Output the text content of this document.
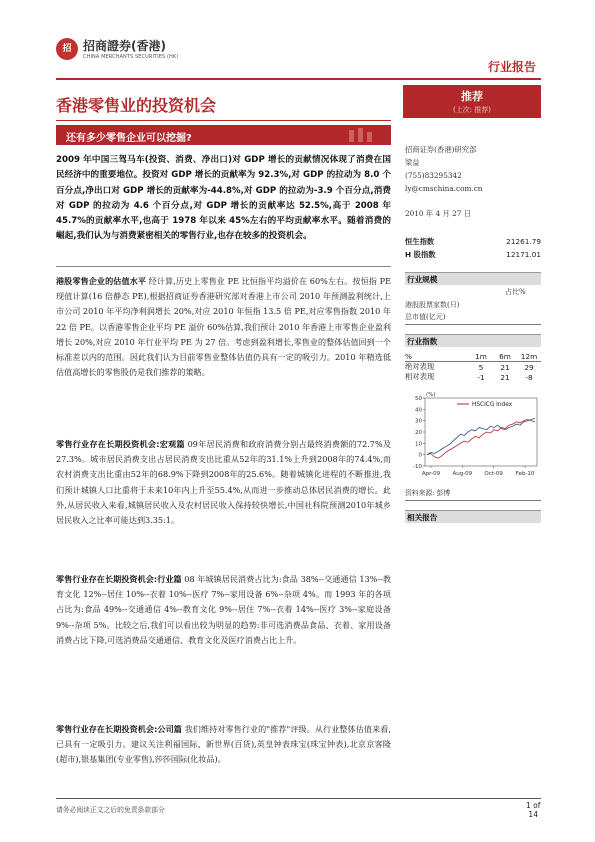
招 招商證券(香港)
CHINA MERCHANTS SECURITIES (HK)
行业报告
香港零售业的投资机会
还有多少零售企业可以挖掘?
推荐
(上次: 推荐)
2009 年中国三驾马车(投资、消费、净出口)对 GDP 增长的贡献情况体现了消费在国民经济中的重要地位。投资对 GDP 增长的贡献率为 92.3%,对 GDP 的拉动为 8.0 个百分点,净出口对 GDP 增长的贡献率为-44.8%,对 GDP 的拉动为-3.9 个百分点,消费对 GDP 的拉动为 4.6 个百分点,对 GDP 增长的贡献率达 52.5%,高于 2008 年 45.7%的贡献率水平,也高于 1978 年以来 45%左右的平均贡献率水平。随着消费的崛起,我们认为与消费紧密相关的零售行业,也存在较多的投资机会。
港股零售企业的估值水平 经计算,历史上零售业 PE 比恒指平均溢价在 60%左右。按恒指 PE 现值计算(16 倍静态 PE),根据招商证券香港研究部对香港上市公司 2010 年预测盈利统计,上市公司 2010 年平均净利润增长 20%,对应 2010 年恒指 13.5 倍 PE,对应零售指数 2010 年 22 倍 PE。以香港零售企业平均 PE 溢价 60%估算,我们预计 2010 年香港上市零售企业盈利增长 20%,对应 2010 年行业平均 PE 为 27 倍。考虑到盈利增长,零售业的整体估值回到一个标准差以内的范围。因此我们认为目前零售业整体估值仍具有一定的吸引力。2010 年精选低估值高增长的零售股仍是我们推荐的策略。
零售行业存在长期投资机会:宏观篇 09年居民消费和政府消费分别占最终消费额的72.7%及27.3%。城市居民消费支出占居民消费支出比重从52年的31.1%上升到2008年的74.4%,而农村消费支出比重由52年的68.9%下降到2008年的25.6%。随着城镇化进程的不断推进,我们预计城镇人口比重将于未来10年内上升至55.4%,从而进一步推动总体居民消费的增长。此外,从居民收入来看,城镇居民收入及农村居民收入保持较快增长,中国社科院预测2010年城乡居民收入之比率可能达到3.35:1。
零售行业存在长期投资机会:行业篇 08 年城镇居民消费占比为:食品 38%--交通通信 13%--教育文化 12%--居住 10%--衣着 10%--医疗 7%--家用设备 6%--杂项 4%。而 1993 年的各项占比为:食品 49%--交通通信 4%--教育文化 9%--居住 7%--衣着 14%--医疗 3%--家庭设备 9%--杂项 5%。比较之后,我们可以看出较为明显的趋势:非可选消费品食品、衣着、家用设备消费占比下降,可选消费品交通通信、教育文化及医疗消费占比上升。
零售行业存在长期投资机会:公司篇 我们维持对零售行业的"推荐"评级。从行业整体估值来看,已具有一定吸引力。建议关注利福国际、新世界(百货),英皇钟表珠宝(珠宝钟表),北京京客隆(超市),银基集团(专业零售),莎莎国际(化妆品)。
招商证券(香港)研究部
梁益
(755)83295342
ly@cmschina.com.cn
2010 年 4 月 27 日
恒生指数	21261.79
H 股指数	12171.01
行业规模
占比%
港股股票家数(只)
总市值(亿元)
行业指数
%	1m	6m	12m
绝对表现	5	21	29
相对表现	-1	21	-8
50
40
30
20
10
0
-10
(%)
Apr-09 Aug-09 Oct-09 Feb-10
HSCICG Index
资料来源: 彭博
相关报告
请务必阅读正文之后的免责条款部分	1 of
14
